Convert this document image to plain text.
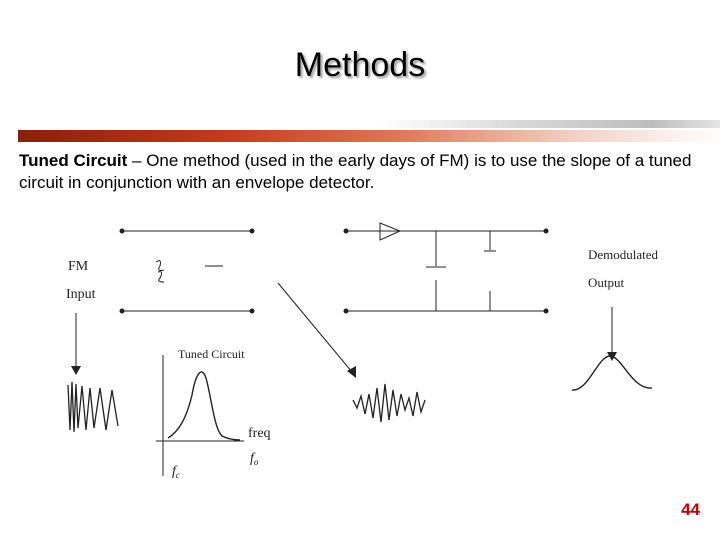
Methods
Tuned Circuit – One method (used in the early days of FM) is to use the slope of a tuned circuit in conjunction with an envelope detector.
FM
Input
Tuned Circuit
freq
$f_o$
$f_c$
Demodulated
Output
44
